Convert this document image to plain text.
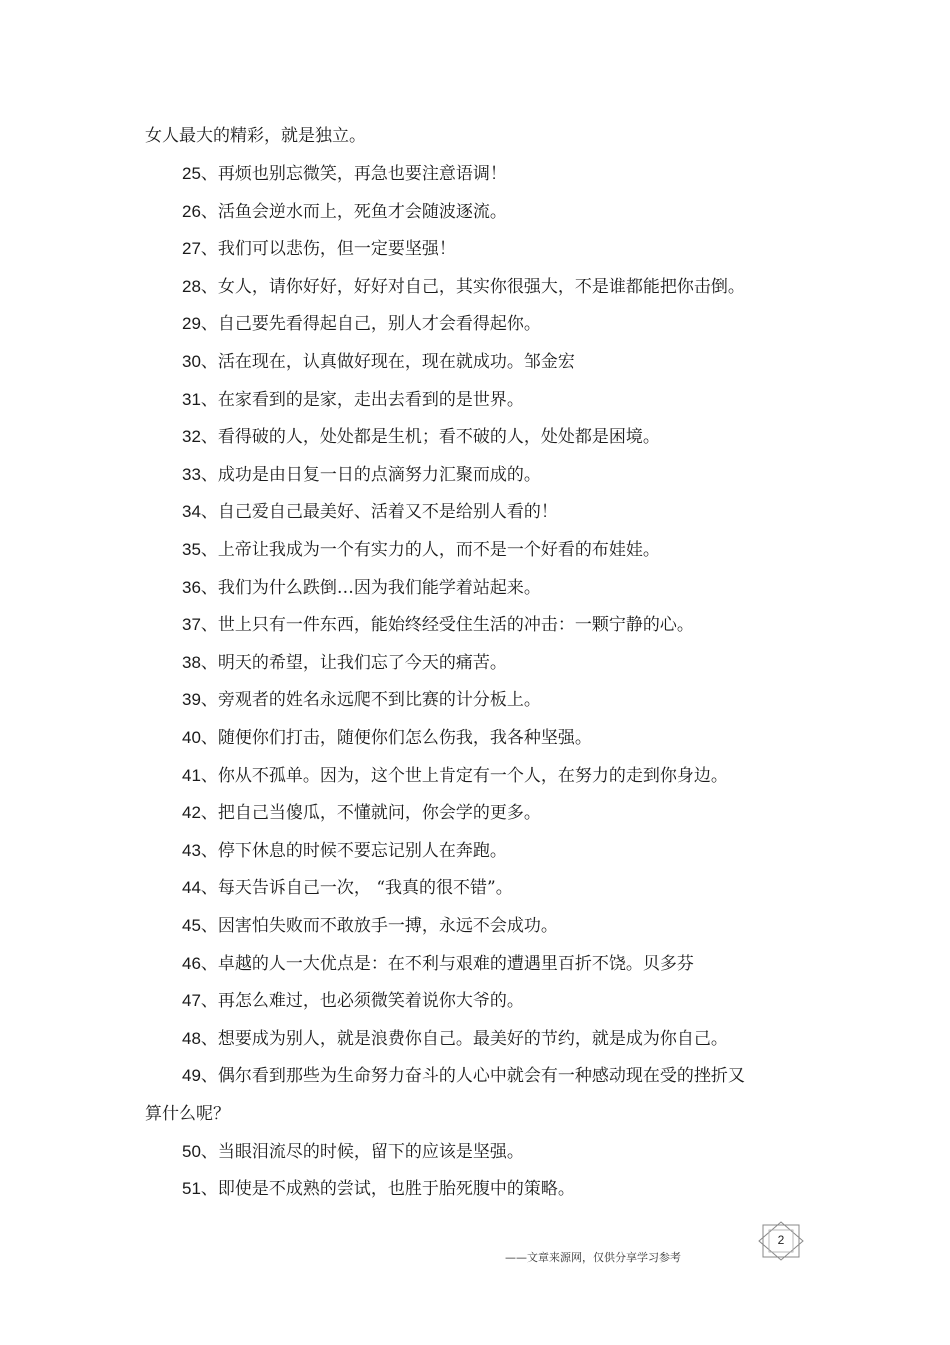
女人最大的精彩，就是独立。
25、再烦也别忘微笑，再急也要注意语调！
26、活鱼会逆水而上，死鱼才会随波逐流。
27、我们可以悲伤，但一定要坚强！
28、女人，请你好好，好好对自己，其实你很强大，不是谁都能把你击倒。
29、自己要先看得起自己，别人才会看得起你。
30、活在现在，认真做好现在，现在就成功。邹金宏
31、在家看到的是家，走出去看到的是世界。
32、看得破的人，处处都是生机；看不破的人，处处都是困境。
33、成功是由日复一日的点滴努力汇聚而成的。
34、自己爱自己最美好、活着又不是给别人看的！
35、上帝让我成为一个有实力的人，而不是一个好看的布娃娃。
36、我们为什么跌倒…因为我们能学着站起来。
37、世上只有一件东西，能始终经受住生活的冲击：一颗宁静的心。
38、明天的希望，让我们忘了今天的痛苦。
39、旁观者的姓名永远爬不到比赛的计分板上。
40、随便你们打击，随便你们怎么伤我，我各种坚强。
41、你从不孤单。因为，这个世上肯定有一个人，在努力的走到你身边。
42、把自己当傻瓜，不懂就问，你会学的更多。
43、停下休息的时候不要忘记别人在奔跑。
44、每天告诉自己一次， “我真的很不错”。
45、因害怕失败而不敢放手一搏，永远不会成功。
46、卓越的人一大优点是：在不利与艰难的遭遇里百折不饶。贝多芬
47、再怎么难过，也必须微笑着说你大爷的。
48、想要成为别人，就是浪费你自己。最美好的节约，就是成为你自己。
49、偶尔看到那些为生命努力奋斗的人心中就会有一种感动现在受的挫折又
算什么呢？
50、当眼泪流尽的时候，留下的应该是坚强。
51、即使是不成熟的尝试，也胜于胎死腹中的策略。
——文章来源网，仅供分享学习参考
2
